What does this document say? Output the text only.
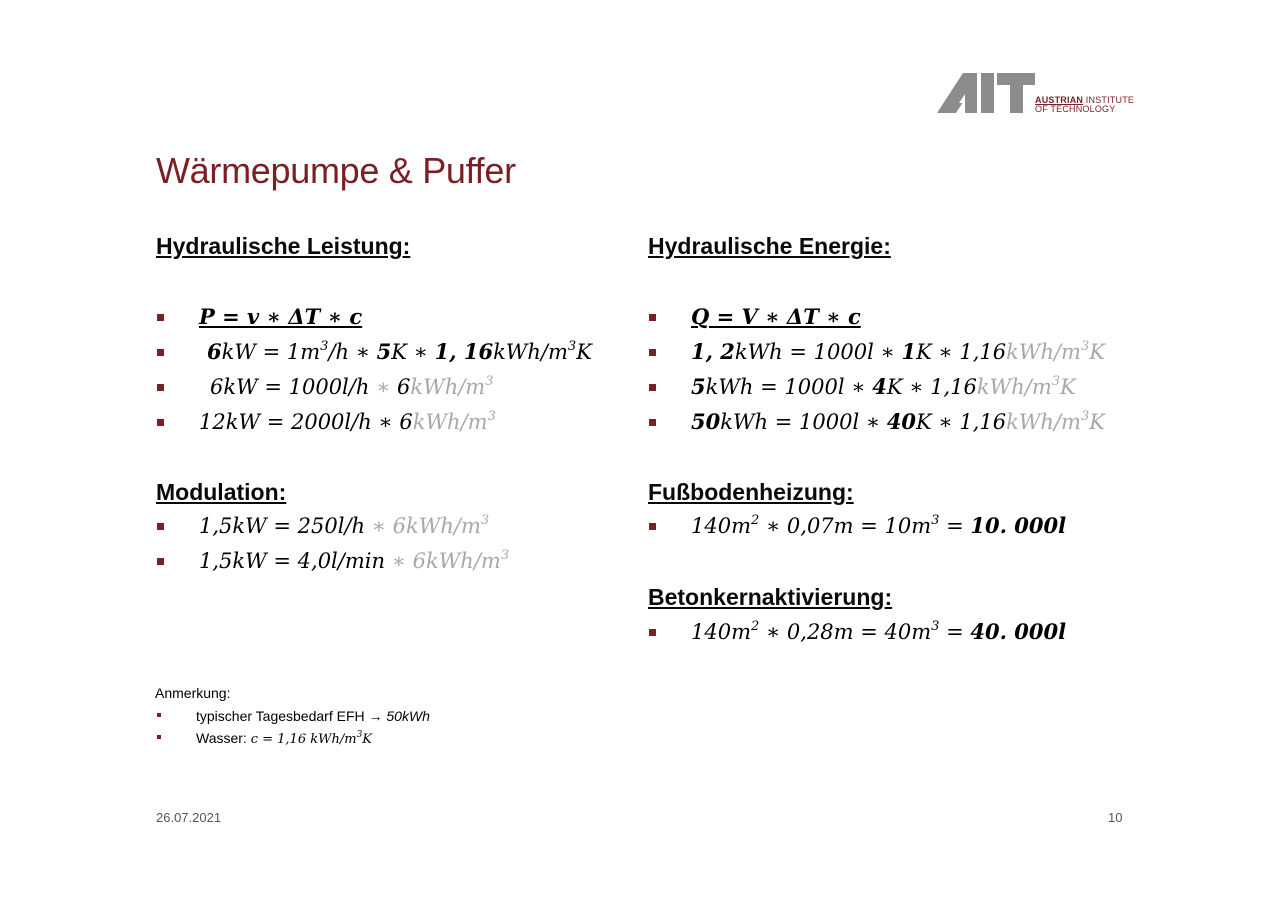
AUSTRIAN INSTITUTE
OF TECHNOLOGY
Wärmepumpe & Puffer
Hydraulische Leistung:
P = v ∗ ΔT ∗ c
$6kW = 1m^3/h$ ∗ 5K ∗ 1, $16kWh/m^3K$
6kW = 1000l/h ∗ $6kWh/m^3$
12kW = 2000l/h ∗ $6kWh/m^3$
Modulation:
1,5kW = 250l/h ∗ $6kWh/m^3$
1,5kW = 4,0l/min ∗ $6kWh/m^3$
Hydraulische Energie:
Q = V ∗ ΔT ∗ c
1, 2kWh = 1000l ∗ 1K ∗ $1,16kWh/m^3K$
5kWh = 1000l ∗ 4K ∗ $1,16kWh/m^3K$
50kWh = 1000l ∗ 40K ∗ $1,16kWh/m^3K$
Fußbodenheizung:
$140m^2$ ∗ $0,07m = 10m^3 = 10$. 000l
Betonkernaktivierung:
$140m^2$ ∗ $0,28m = 40m^3 = 40$. 000l
Anmerkung:
typischer Tagesbedarf EFH → 50kWh
Wasser: c = 1,16 kWh/$m^3K$
26.07.2021	10
